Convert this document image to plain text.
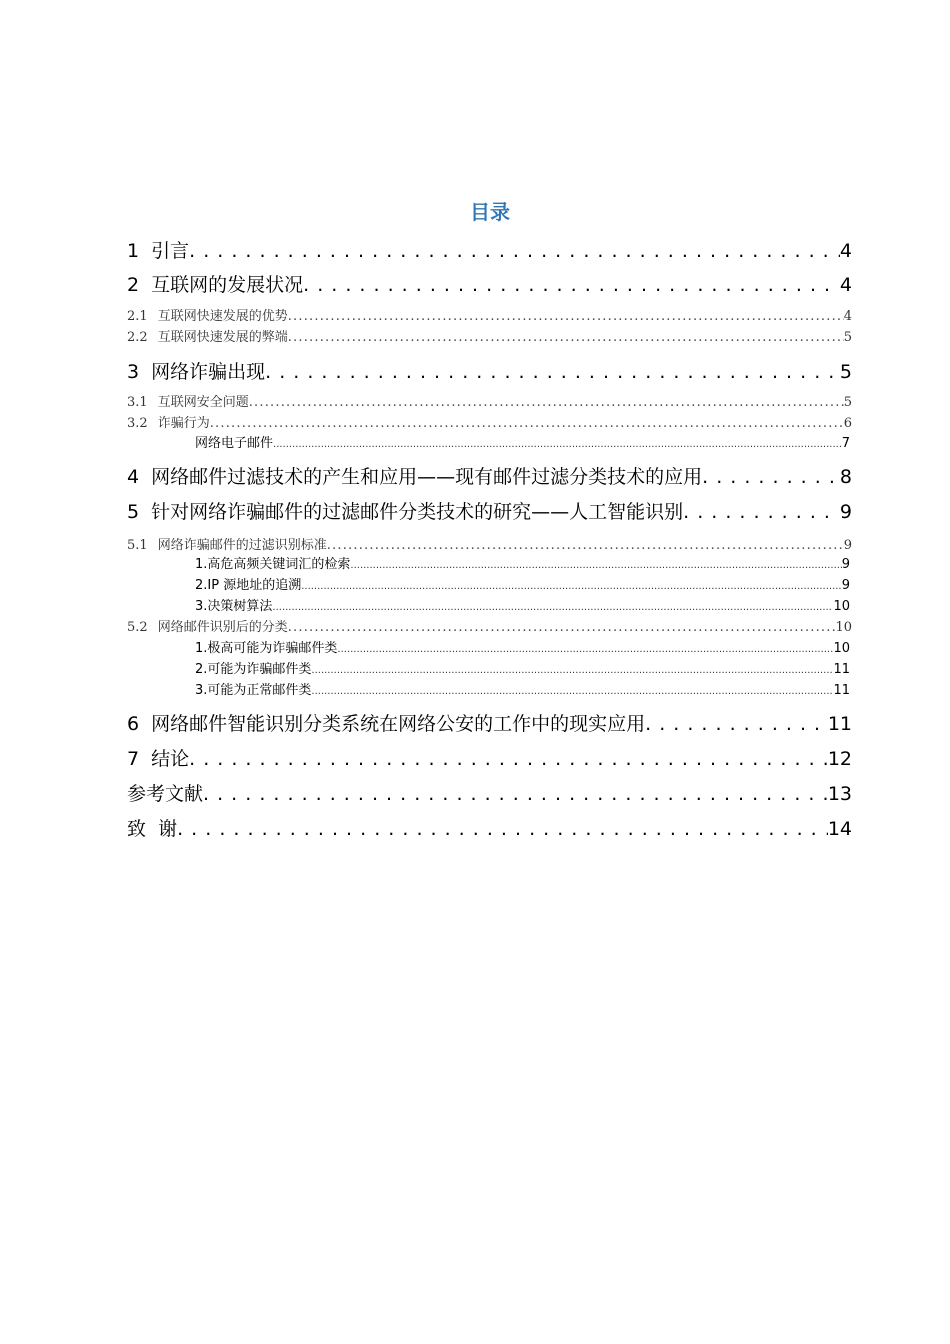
目录
1 引言 . . .	4
2 互联网的发展状况 . . .	4
2.1 互联网快速发展的优势 .....	4
2.2 互联网快速发展的弊端 .....	5
3 网络诈骗出现 . . .	5
3.1 互联网安全问题 .....	5
3.2 诈骗行为 .....	6
网络电子邮件 .....	7
4 网络邮件过滤技术的产生和应用——现有邮件过滤分类技术的应用 . . .	8
5 针对网络诈骗邮件的过滤邮件分类技术的研究——人工智能识别 . . .	9
5.1 网络诈骗邮件的过滤识别标准 .....	9
1.高危高频关键词汇的检索 .....	9
2.IP 源地址的追溯 .....	9
3.决策树算法 .....	10
5.2 网络邮件识别后的分类 .....	10
1.极高可能为诈骗邮件类 .....	10
2.可能为诈骗邮件类 .....	11
3.可能为正常邮件类 .....	11
6 网络邮件智能识别分类系统在网络公安的工作中的现实应用 . . .	11
7 结论 . . .	12
参考文献 . . .	13
致  谢 . . .	14
